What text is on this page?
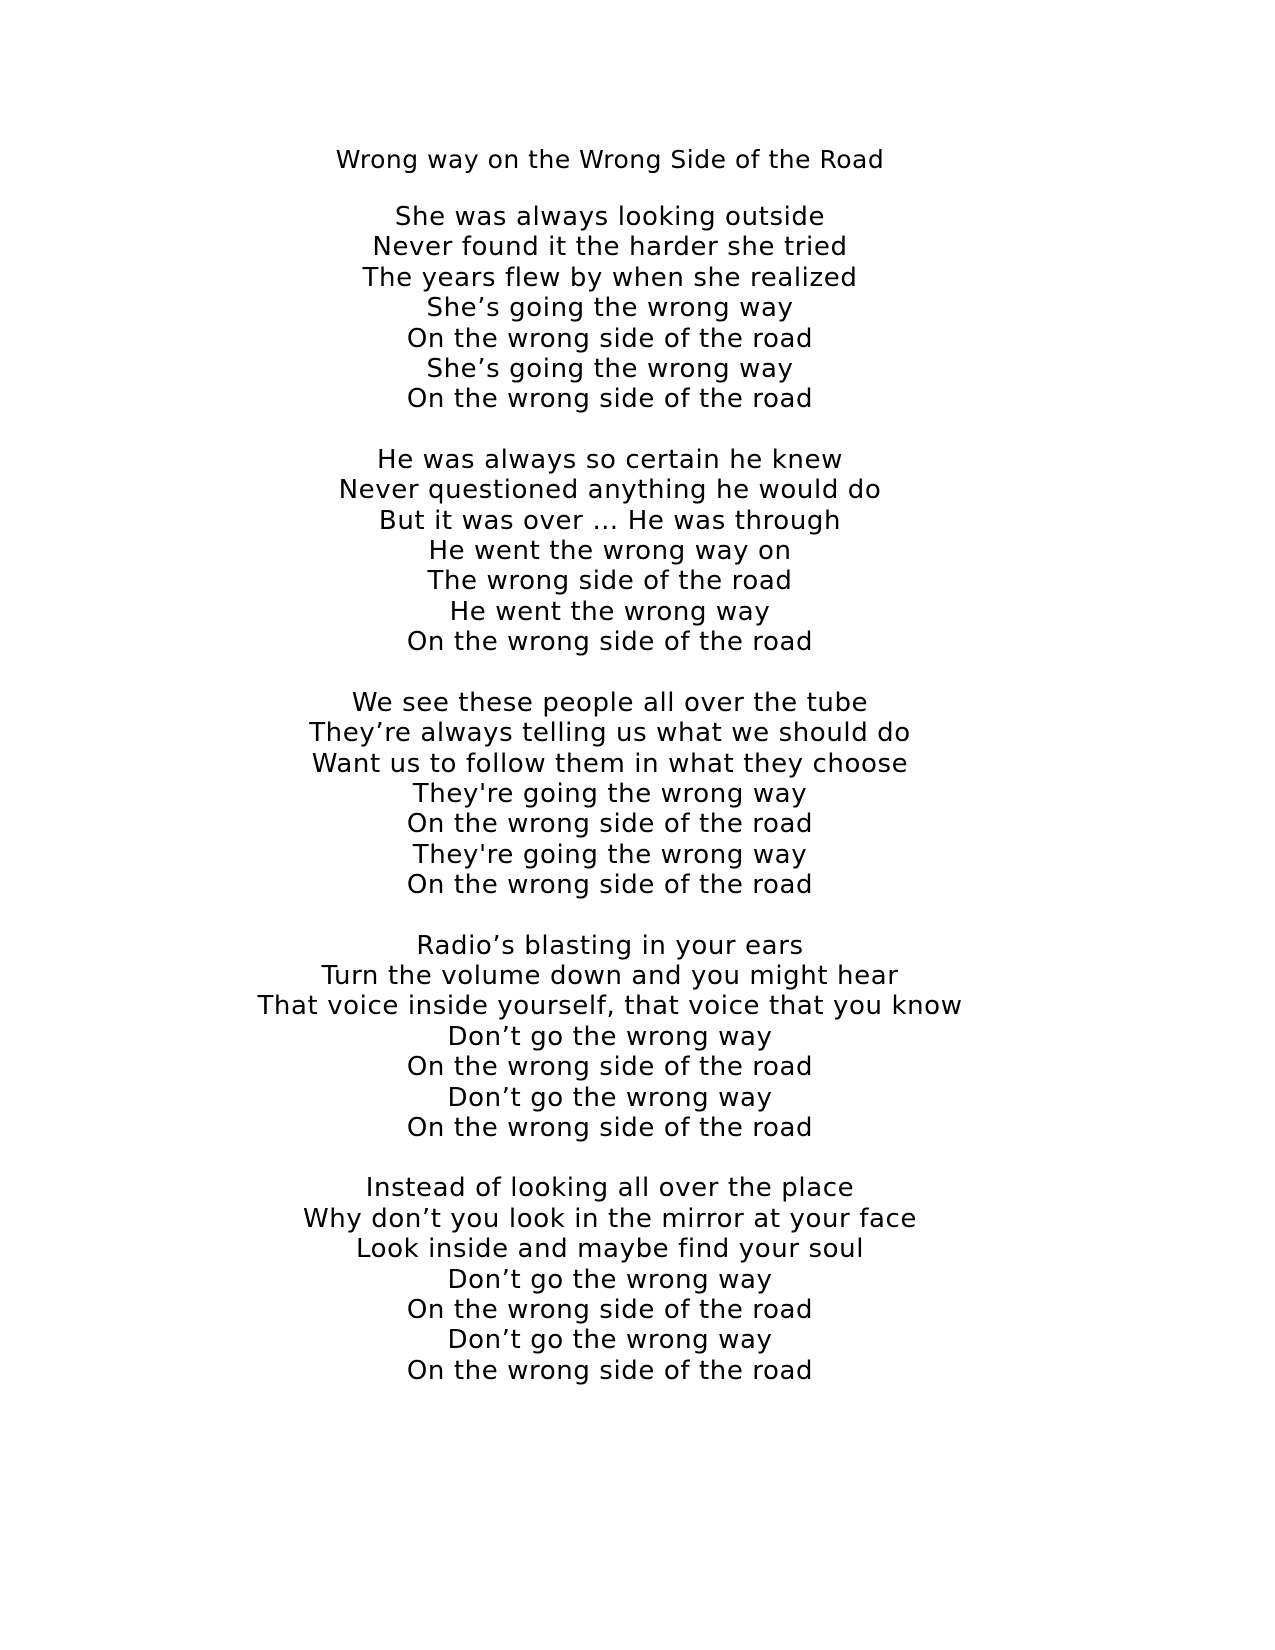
Wrong way on the Wrong Side of the Road
She was always looking outside
Never found it the harder she tried
The years flew by when she realized
She’s going the wrong way
On the wrong side of the road
She’s going the wrong way
On the wrong side of the road
He was always so certain he knew
Never questioned anything he would do
But it was over … He was through
He went the wrong way on
The wrong side of the road
He went the wrong way
On the wrong side of the road
We see these people all over the tube
They’re always telling us what we should do
Want us to follow them in what they choose
They're going the wrong way
On the wrong side of the road
They're going the wrong way
On the wrong side of the road
Radio’s blasting in your ears
Turn the volume down and you might hear
That voice inside yourself, that voice that you know
Don’t go the wrong way
On the wrong side of the road
Don’t go the wrong way
On the wrong side of the road
Instead of looking all over the place
Why don’t you look in the mirror at your face
Look inside and maybe find your soul
Don’t go the wrong way
On the wrong side of the road
Don’t go the wrong way
On the wrong side of the road
